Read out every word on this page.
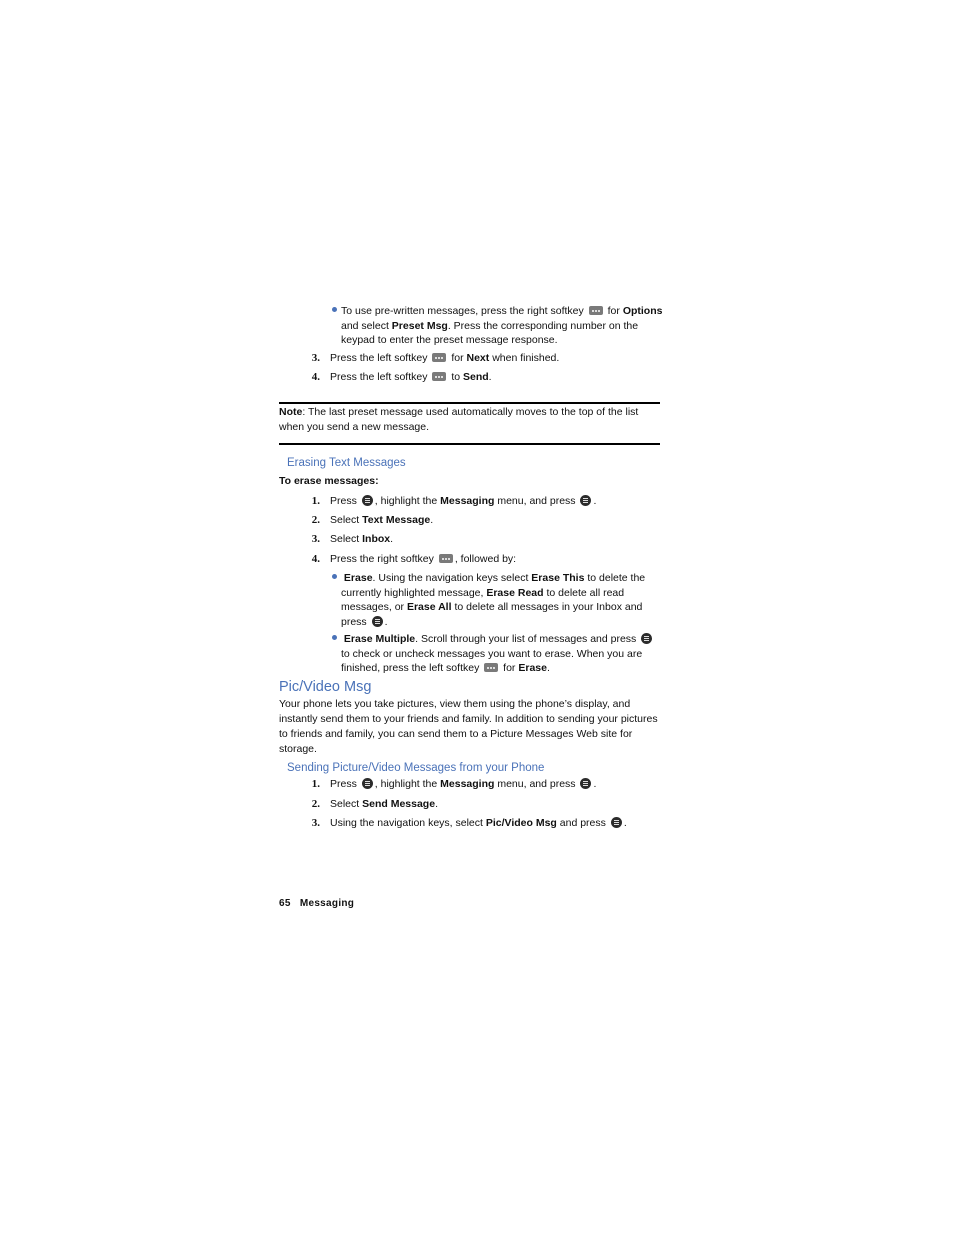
To use pre-written messages, press the right softkey for Options and select Preset Msg. Press the corresponding number on the keypad to enter the preset message response.
3. Press the left softkey for Next when finished.
4. Press the left softkey to Send.
Note: The last preset message used automatically moves to the top of the list when you send a new message.
Erasing Text Messages
To erase messages:
1. Press , highlight the Messaging menu, and press .
2. Select Text Message.
3. Select Inbox.
4. Press the right softkey , followed by:
Erase. Using the navigation keys select Erase This to delete the currently highlighted message, Erase Read to delete all read messages, or Erase All to delete all messages in your Inbox and press .
Erase Multiple. Scroll through your list of messages and press  to check or uncheck messages you want to erase. When you are finished, press the left softkey for Erase.
Pic/Video Msg
Your phone lets you take pictures, view them using the phone’s display, and instantly send them to your friends and family. In addition to sending your pictures to friends and family, you can send them to a Picture Messages Web site for storage.
Sending Picture/Video Messages from your Phone
1. Press , highlight the Messaging menu, and press .
2. Select Send Message.
3. Using the navigation keys, select Pic/Video Msg and press .
65 Messaging
